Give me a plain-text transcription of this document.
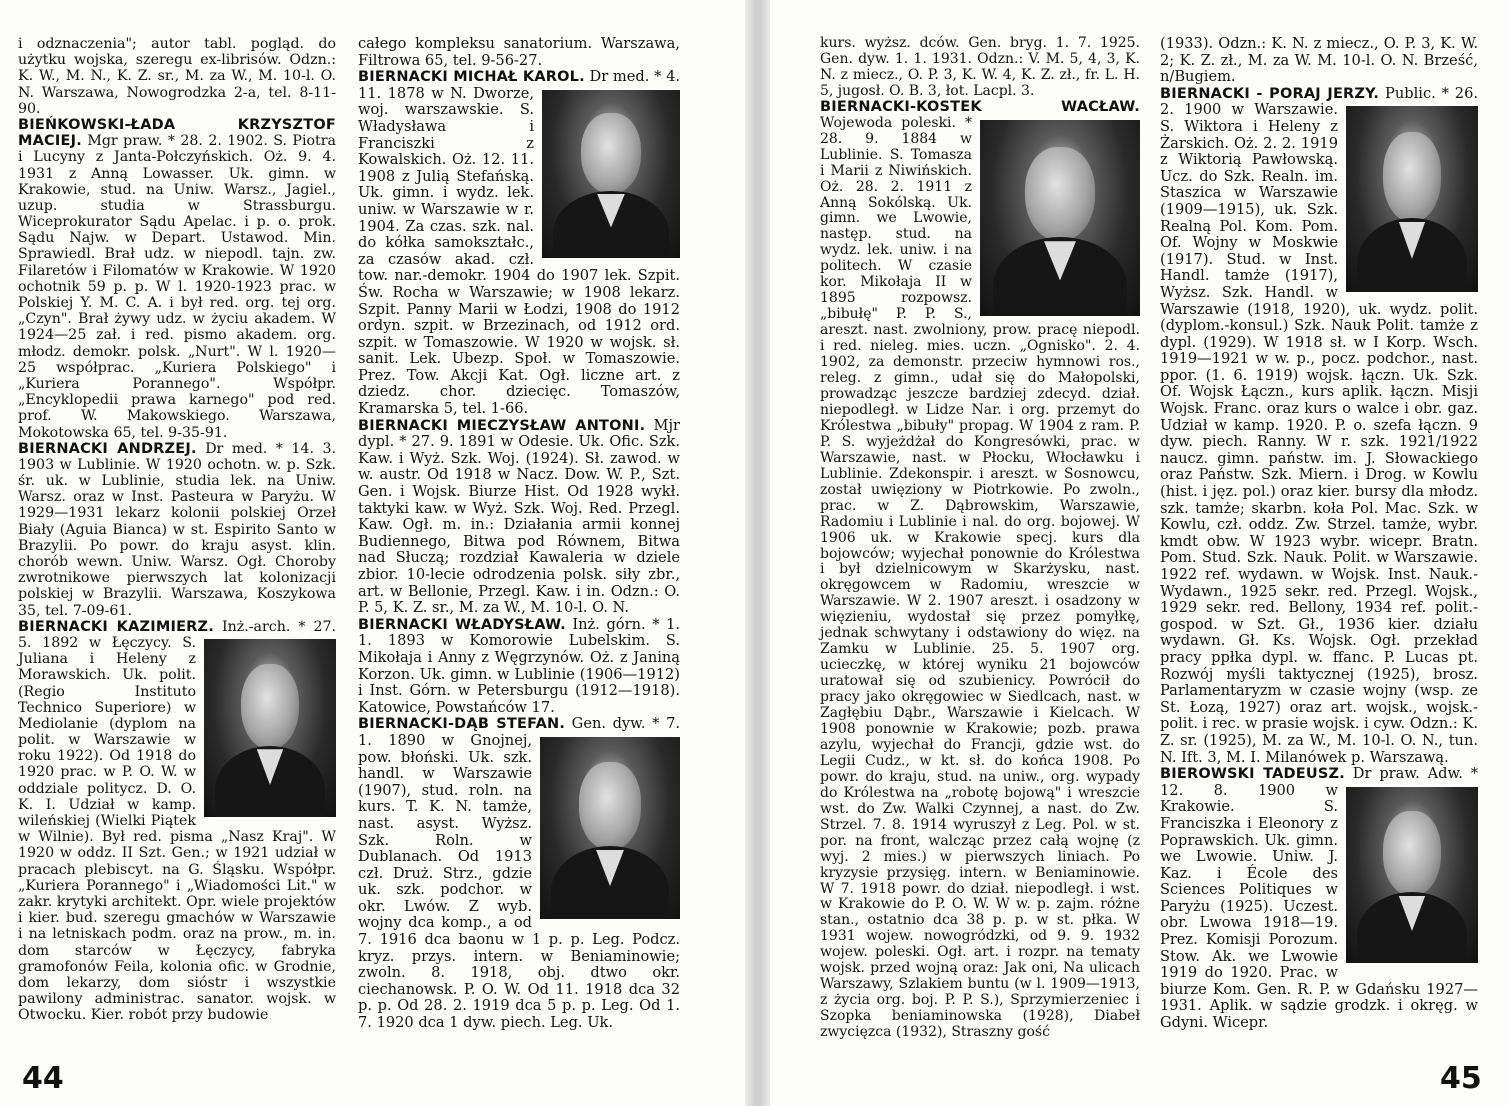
i odznaczenia"; autor tabl. pogląd. do użytku wojska, szeregu ex-librisów. Odzn.: K. W., M. N., K. Z. sr., M. za W., M. 10-l. O. N. Warszawa, Nowogrodzka 2-a, tel. 8-11-90.

BIEŃKOWSKI-ŁADA KRZYSZTOF MACIEJ. Mgr praw. * 28. 2. 1902. S. Piotra i Lucyny z Janta-Połczyńskich. Oż. 9. 4. 1931 z Anną Lowasser. Uk. gimn. w Krakowie, stud. na Uniw. Warsz., Jagiel., uzup. studia w Strassburgu. Wiceprokurator Sądu Apelac. i p. o. prok. Sądu Najw. w Depart. Ustawod. Min. Sprawiedl. Brał udz. w niepodl. tajn. zw. Filaretów i Filomatów w Krakowie. W 1920 ochotnik 59 p. p. W l. 1920-1923 prac. w Polskiej Y. M. C. A. i był red. org. tej org. „Czyn". Brał żywy udz. w życiu akadem. W 1924—25 zał. i red. pismo akadem. org. młodz. demokr. polsk. „Nurt". W l. 1920—25 współprac. „Kuriera Polskiego" i „Kuriera Porannego". Współpr. „Encyklopedii prawa karnego" pod red. prof. W. Makowskiego. Warszawa, Mokotowska 65, tel. 9-35-91.

BIERNACKI ANDRZEJ. Dr med. * 14. 3. 1903 w Lublinie. W 1920 ochotn. w. p. Szk. śr. uk. w Lublinie, studia lek. na Uniw. Warsz. oraz w Inst. Pasteura w Paryżu. W 1929—1931 lekarz kolonii polskiej Orzeł Biały (Aguia Bianca) w st. Espirito Santo w Brazylii. Po powr. do kraju asyst. klin. chorób wewn. Uniw. Warsz. Ogł. Choroby zwrotnikowe pierwszych lat kolonizacji polskiej w Brazylii. Warszawa, Koszykowa 35, tel. 7-09-61.

BIERNACKI KAZIMIERZ. Inż.-arch. * 27. 5. 1892 w Łęczycy. S. Juliana i Heleny z Morawskich. Uk. polit. (Regio Instituto Technico Superiore) w Mediolanie (dyplom na polit. w Warszawie w roku 1922). Od 1918 do 1920 prac. w P. O. W. w oddziale politycz. D. O. K. I. Udział w kamp. wileńskiej (Wielki Piątek w Wilnie). Był red. pisma „Nasz Kraj". W 1920 w oddz. II Szt. Gen.; w 1921 udział w pracach plebiscyt. na G. Śląsku. Współpr. „Kuriera Porannego" i „Wiadomości Lit." w zakr. krytyki architekt. Opr. wiele projektów i kier. bud. szeregu gmachów w Warszawie i na letniskach podm. oraz na prow., m. in. dom starców w Łęczycy, fabryka gramofonów Feila, kolonia ofic. w Grodnie, dom lekarzy, dom sióstr i wszystkie pawilony administrac. sanator. wojsk. w Otwocku. Kier. robót przy budowie

całego kompleksu sanatorium. Warszawa, Filtrowa 65, tel. 9-56-27.

BIERNACKI MICHAŁ KAROL. Dr med. * 4. 11. 1878 w N. Dworze, woj. warszawskie. S. Władysława i Franciszki z Kowalskich. Oż. 12. 11. 1908 z Julią Stefańską. Uk. gimn. i wydz. lek. uniw. w Warszawie w r. 1904. Za czas. szk. nal. do kółka samokształc., za czasów akad. czł. tow. nar.-demokr. 1904 do 1907 lek. Szpit. Św. Rocha w Warszawie; w 1908 lekarz. Szpit. Panny Marii w Łodzi, 1908 do 1912 ordyn. szpit. w Brzezinach, od 1912 ord. szpit. w Tomaszowie. W 1920 w wojsk. sł. sanit. Lek. Ubezp. Społ. w Tomaszowie. Prez. Tow. Akcji Kat. Ogł. liczne art. z dziedz. chor. dziecięc. Tomaszów, Kramarska 5, tel. 1-66.

BIERNACKI MIECZYSŁAW ANTONI. Mjr dypl. * 27. 9. 1891 w Odesie. Uk. Ofic. Szk. Kaw. i Wyż. Szk. Woj. (1924). Sł. zawod. w w. austr. Od 1918 w Nacz. Dow. W. P., Szt. Gen. i Wojsk. Biurze Hist. Od 1928 wykł. taktyki kaw. w Wyż. Szk. Woj. Red. Przegl. Kaw. Ogł. m. in.: Działania armii konnej Budiennego, Bitwa pod Równem, Bitwa nad Słuczą; rozdział Kawaleria w dziele zbior. 10-lecie odrodzenia polsk. siły zbr., art. w Bellonie, Przegl. Kaw. i in. Odzn.: O. P. 5, K. Z. sr., M. za W., M. 10-l. O. N.

BIERNACKI WŁADYSŁAW. Inż. górn. * 1. 1. 1893 w Komorowie Lubelskim. S. Mikołaja i Anny z Węgrzynów. Oż. z Janiną Korzon. Uk. gimn. w Lublinie (1906—1912) i Inst. Górn. w Petersburgu (1912—1918). Katowice, Powstańców 17.

BIERNACKI-DĄB STEFAN. Gen. dyw. * 7. 1. 1890 w Gnojnej, pow. błoński. Uk. szk. handl. w Warszawie (1907), stud. roln. na kurs. T. K. N. tamże, nast. asyst. Wyższ. Szk. Roln. w Dublanach. Od 1913 czł. Druż. Strz., gdzie uk. szk. podchor. w okr. Lwów. Z wyb. wojny dca komp., a od 7. 1916 dca baonu w 1 p. p. Leg. Podcz. kryz. przys. intern. w Beniaminowie; zwoln. 8. 1918, obj. dtwo okr. ciechanowsk. P. O. W. Od 11. 1918 dca 32 p. p. Od 28. 2. 1919 dca 5 p. p. Leg. Od 1. 7. 1920 dca 1 dyw. piech. Leg. Uk.

44

kurs. wyższ. dców. Gen. bryg. 1. 7. 1925. Gen. dyw. 1. 1. 1931. Odzn.: V. M. 5, 4, 3, K. N. z miecz., O. P. 3, K. W. 4, K. Z. zł., fr. L. H. 5, jugosł. O. B. 3, łot. Lacpl. 3.

BIERNACKI-KOSTEK WACŁAW.
Wojewoda poleski. * 28. 9. 1884 w Lublinie. S. Tomasza i Marii z Niwińskich. Oż. 28. 2. 1911 z Anną Sokólską. Uk. gimn. we Lwowie, następ. stud. na wydz. lek. uniw. i na politech. W czasie kor. Mikołaja II w 1895 rozpowsz. „bibułę" P. P. S., areszt. nast. zwolniony, prow. pracę niepodl. i red. nieleg. mies. uczn. „Ognisko". 2. 4. 1902, za demonstr. przeciw hymnowi ros., releg. z gimn., udał się do Małopolski, prowadząc jeszcze bardziej zdecyd. dział. niepodległ. w Lidze Nar. i org. przemyt do Królestwa „bibuły" propag. W 1904 z ram. P. P. S. wyjeżdżał do Kongresówki, prac. w Warszawie, nast. w Płocku, Włocławku i Lublinie. Zdekonspir. i areszt. w Sosnowcu, został uwięziony w Piotrkowie. Po zwoln., prac. w Z. Dąbrowskim, Warszawie, Radomiu i Lublinie i nal. do org. bojowej. W 1906 uk. w Krakowie specj. kurs dla bojowców; wyjechał ponownie do Królestwa i był dzielnicowym w Skarżysku, nast. okręgowcem w Radomiu, wreszcie w Warszawie. W 2. 1907 areszt. i osadzony w więzieniu, wydostał się przez pomyłkę, jednak schwytany i odstawiony do więz. na Zamku w Lublinie. 25. 5. 1907 org. ucieczkę, w której wyniku 21 bojowców uratował się od szubienicy. Powrócił do pracy jako okręgowiec w Siedlcach, nast. w Zagłębiu Dąbr., Warszawie i Kielcach. W 1908 ponownie w Krakowie; pozb. prawa azylu, wyjechał do Francji, gdzie wst. do Legii Cudz., w kt. sł. do końca 1908. Po powr. do kraju, stud. na uniw., org. wypady do Królestwa na „robotę bojową" i wreszcie wst. do Zw. Walki Czynnej, a nast. do Zw. Strzel. 7. 8. 1914 wyruszył z Leg. Pol. w st. por. na front, walcząc przez całą wojnę (z wyj. 2 mies.) w pierwszych liniach. Po kryzysie przysięg. intern. w Beniaminowie. W 7. 1918 powr. do dział. niepodległ. i wst. w Krakowie do P. O. W. W w. p. zajm. różne stan., ostatnio dca 38 p. p. w st. płka. W 1931 wojew. nowogródzki, od 9. 9. 1932 wojew. poleski. Ogł. art. i rozpr. na tematy wojsk. przed wojną oraz: Jak oni, Na ulicach Warszawy, Szlakiem buntu (w l. 1909—1913, z życia org. boj. P. P. S.), Sprzymierzeniec i Szopka beniaminowska (1928), Diabeł zwycięzca (1932), Straszny gość

(1933). Odzn.: K. N. z miecz., O. P. 3, K. W. 2; K. Z. zł., M. za W. M. 10-l. O. N. Brześć, n/Bugiem.

BIERNACKI - PORAJ JERZY. Public. * 26. 2. 1900 w Warszawie. S. Wiktora i Heleny z Żarskich. Oż. 2. 2. 1919 z Wiktorią Pawłowską. Ucz. do Szk. Realn. im. Staszica w Warszawie (1909—1915), uk. Szk. Realną Pol. Kom. Pom. Of. Wojny w Moskwie (1917). Stud. w Inst. Handl. tamże (1917), Wyższ. Szk. Handl. w Warszawie (1918, 1920), uk. wydz. polit. (dyplom.-konsul.) Szk. Nauk Polit. tamże z dypl. (1929). W 1918 sł. w I Korp. Wsch. 1919—1921 w w. p., pocz. podchor., nast. ppor. (1. 6. 1919) wojsk. łączn. Uk. Szk. Of. Wojsk Łączn., kurs aplik. łączn. Misji Wojsk. Franc. oraz kurs o walce i obr. gaz. Udział w kamp. 1920. P. o. szefa łączn. 9 dyw. piech. Ranny. W r. szk. 1921/1922 naucz. gimn. państw. im. J. Słowackiego oraz Państw. Szk. Miern. i Drog. w Kowlu (hist. i jęz. pol.) oraz kier. bursy dla młodz. szk. tamże; skarbn. koła Pol. Mac. Szk. w Kowlu, czł. oddz. Zw. Strzel. tamże, wybr. kmdt obw. W 1923 wybr. wicepr. Bratn. Pom. Stud. Szk. Nauk. Polit. w Warszawie. 1922 ref. wydawn. w Wojsk. Inst. Nauk.-Wydawn., 1925 sekr. red. Przegl. Wojsk., 1929 sekr. red. Bellony, 1934 ref. polit.-gospod. w Szt. Gł., 1936 kier. działu wydawn. Gł. Ks. Wojsk. Ogł. przekład pracy ppłka dypl. w. ffanc. P. Lucas pt. Rozwój myśli taktycznej (1925), brosz. Parlamentaryzm w czasie wojny (wsp. ze St. Łozą, 1927) oraz art. wojsk., wojsk.-polit. i rec. w prasie wojsk. i cyw. Odzn.: K. Z. sr. (1925), M. za W., M. 10-l. O. N., tun. N. Ift. 3, M. I. Milanówek p. Warszawą.

BIEROWSKI TADEUSZ. Dr praw. Adw. * 12. 8. 1900 w Krakowie. S. Franciszka i Eleonory z Poprawskich. Uk. gimn. we Lwowie. Uniw. J. Kaz. i École des Sciences Politiques w Paryżu (1925). Uczest. obr. Lwowa 1918—19. Prez. Komisji Porozum. Stow. Ak. we Lwowie 1919 do 1920. Prac. w biurze Kom. Gen. R. P. w Gdańsku 1927—1931. Aplik. w sądzie grodzk. i okręg. w Gdyni. Wicepr.

45
